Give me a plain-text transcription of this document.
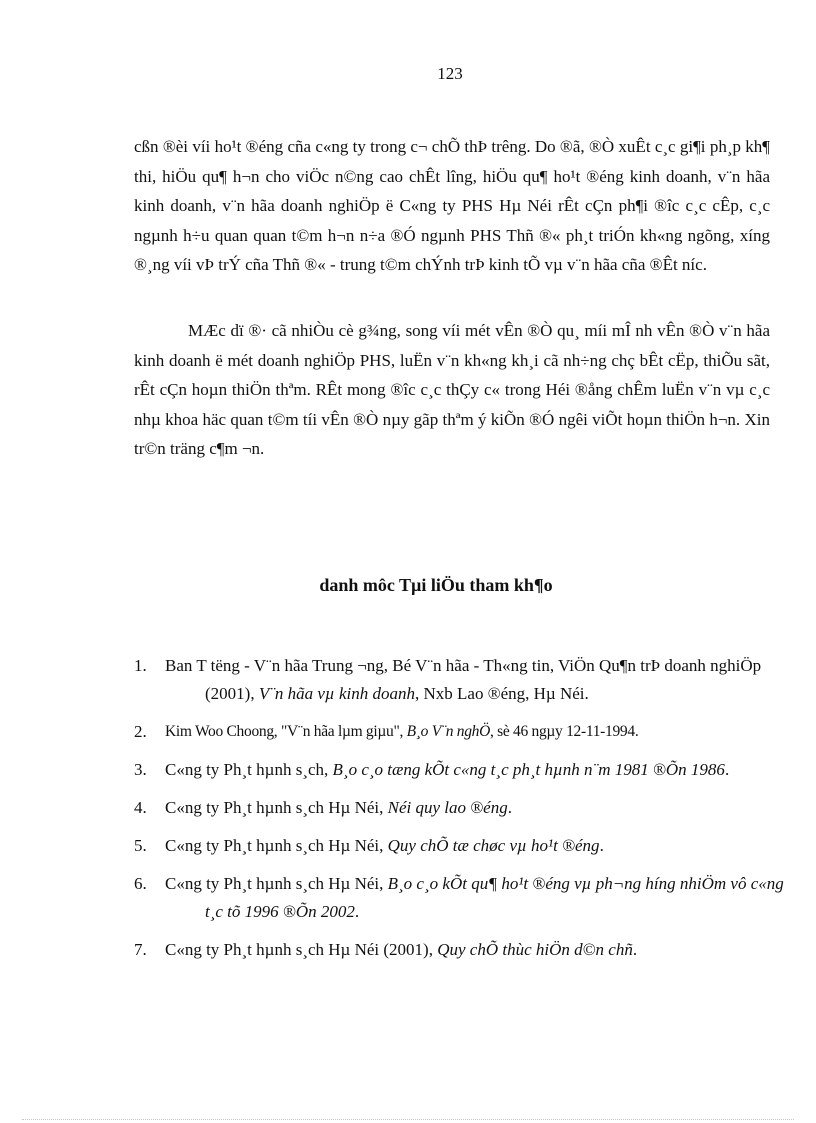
123

cßn ®èi víi ho¹t ®éng cña c«ng ty trong c¬ chÕ thÞ trêng. Do ®ã, ®Ò xuÊt c¸c gi¶i ph¸p kh¶ thi, hiÖu qu¶ h¬n cho viÖc n©ng cao chÊt lîng, hiÖu qu¶ ho¹t ®éng kinh doanh, v¨n hãa kinh doanh, v¨n hãa doanh nghiÖp ë C«ng ty PHS Hµ Néi rÊt cÇn ph¶i ®îc c¸c cÊp, c¸c ngµnh h÷u quan quan t©m h¬n n÷a ®Ó ngµnh PHS Thñ ®« ph¸t triÓn kh«ng ngõng, xíng ®¸ng víi vÞ trÝ cña Thñ ®« - trung t©m chÝnh trÞ kinh tÕ vµ v¨n hãa cña ®Êt níc.

MÆc dï ®· cã nhiÒu cè g¾ng, song víi mét vÊn ®Ò qu¸ míi mÎ nh vÊn ®Ò v¨n hãa kinh doanh ë mét doanh nghiÖp PHS, luËn v¨n kh«ng kh¸i cã nh÷ng chç bÊt cËp, thiÕu sãt, rÊt cÇn hoµn thiÖn thªm. RÊt mong ®îc c¸c thÇy c« trong Héi ®ång chÊm luËn v¨n vµ c¸c nhµ khoa häc quan t©m tíi vÊn ®Ò nµy gãp thªm ý kiÕn ®Ó ngêi viÕt hoµn thiÖn h¬n. Xin tr©n träng c¶m ¬n.

danh môc Tµi liÖu tham kh¶o
1. Ban T tëng - V¨n hãa Trung ¬ng, Bé V¨n hãa - Th«ng tin, ViÖn Qu¶n trÞ doanh nghiÖp (2001), V¨n hãa vµ kinh doanh, Nxb Lao ®éng, Hµ Néi.
2. Kim Woo Choong, "V¨n hãa lµm giµu", B¸o V¨n nghÖ, sè 46 ngµy 12-11-1994.
3. C«ng ty Ph¸t hµnh s¸ch, B¸o c¸o tæng kÕt c«ng t¸c ph¸t hµnh n¨m 1981 ®Õn 1986.
4. C«ng ty Ph¸t hµnh s¸ch Hµ Néi, Néi quy lao ®éng.
5. C«ng ty Ph¸t hµnh s¸ch Hµ Néi, Quy chÕ tæ chøc vµ ho¹t ®éng.
6. C«ng ty Ph¸t hµnh s¸ch Hµ Néi, B¸o c¸o kÕt qu¶ ho¹t ®éng vµ ph¬ng híng nhiÖm vô c«ng t¸c tõ 1996 ®Õn 2002.
7. C«ng ty Ph¸t hµnh s¸ch Hµ Néi (2001), Quy chÕ thùc hiÖn d©n chñ.
